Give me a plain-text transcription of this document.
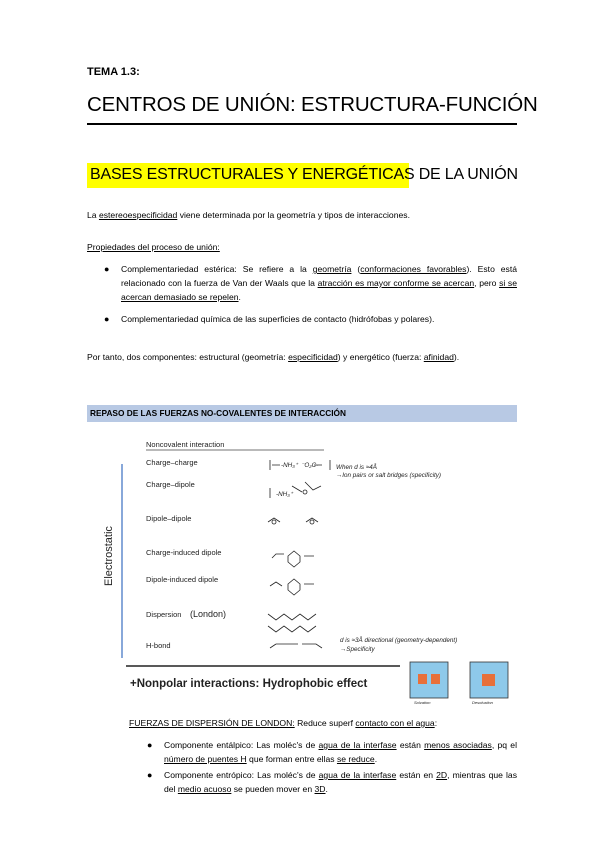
TEMA 1.3:
CENTROS DE UNIÓN: ESTRUCTURA-FUNCIÓN
BASES ESTRUCTURALES Y ENERGÉTICAS DE LA UNIÓN
La estereoespecificidad viene determinada por la geometría y tipos de interacciones.
Propiedades del proceso de unión:
● Complementariedad estérica: Se refiere a la geometría (conformaciones favorables). Esto está relacionado con la fuerza de Van der Waals que la atracción es mayor conforme se acercan, pero si se acercan demasiado se repelen.
● Complementariedad química de las superficies de contacto (hidrófobas y polares).
Por tanto, dos componentes: estructural (geometría: especificidad) y energético (fuerza: afinidad).
REPASO DE LAS FUERZAS NO-COVALENTES DE INTERACCIÓN
Noncovalent interaction
Electrostatic
Charge–charge
Charge–dipole
Dipole–dipole
Charge-induced dipole
Dipole-induced dipole
Dispersion (London)
H-bond
-NH₃⁺ ⁻O₂C-
-NH₃⁺
When d is ≈4Å
→Ion pairs or salt bridges (specificity)
d is ≈3Å directional (geometry-dependent)
→Specificity
+Nonpolar interactions: Hydrophobic effect
Solvation	Desolvation
FUERZAS DE DISPERSIÓN DE LONDON: Reduce superf contacto con el agua:
● Componente entálpico: Las moléc's de agua de la interfase están menos asociadas, pq el número de puentes H que forman entre ellas se reduce.
● Componente entrópico: Las moléc's de agua de la interfase están en 2D, mientras que las del medio acuoso se pueden mover en 3D.
